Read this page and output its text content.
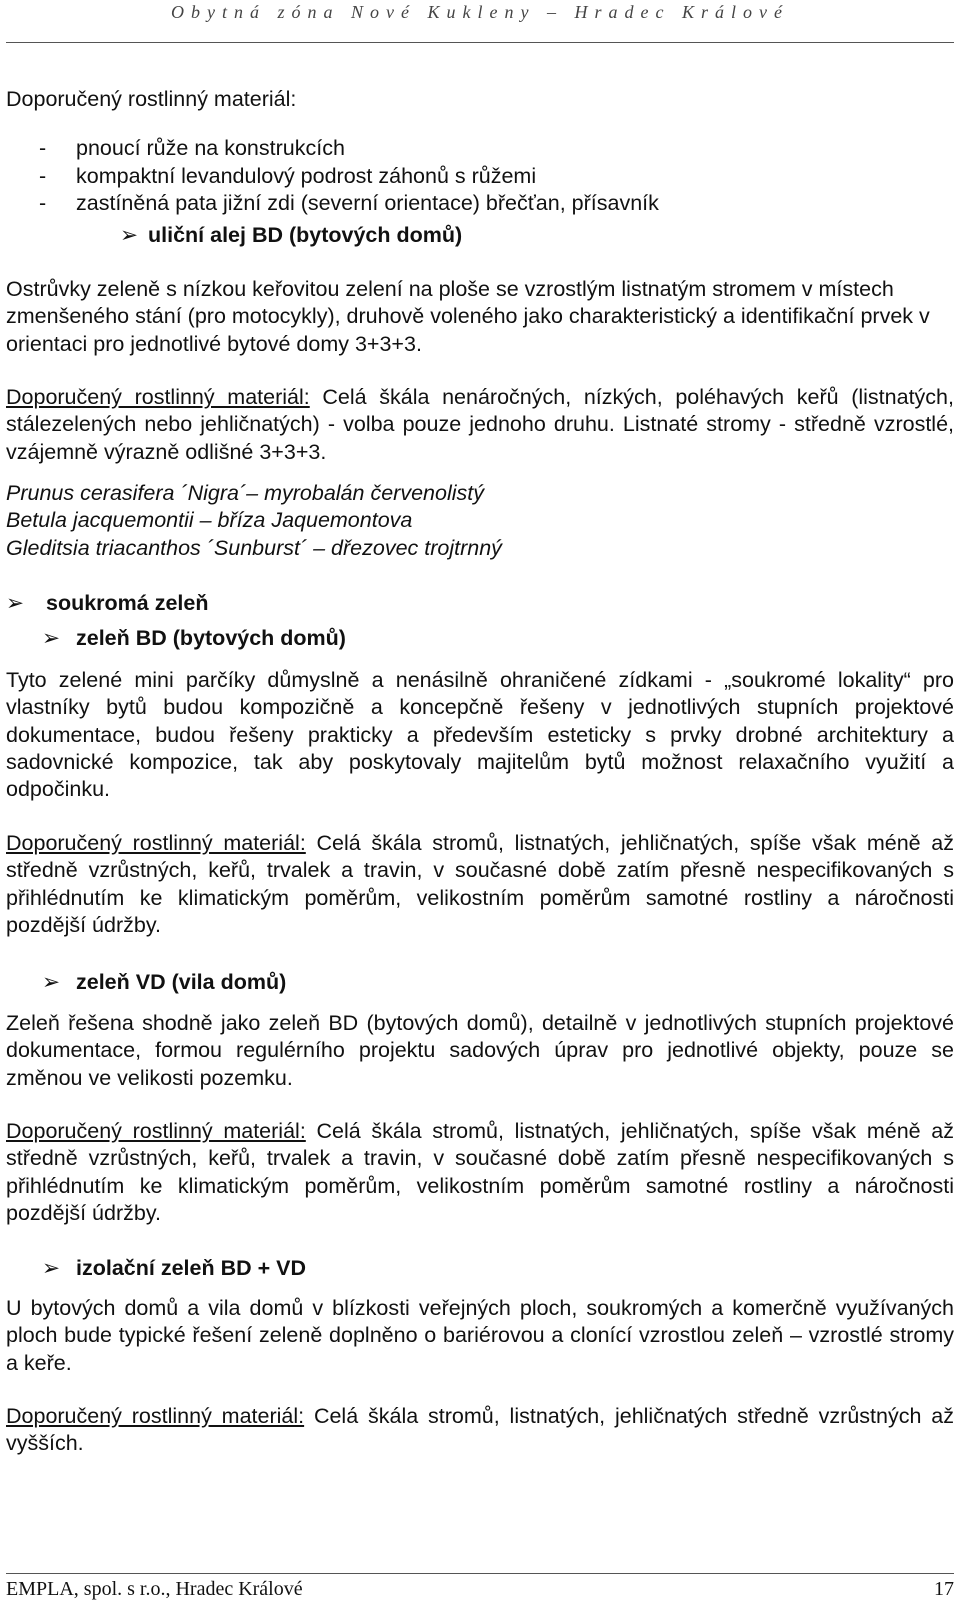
Obytná zóna Nové Kukleny – Hradec Králové
Doporučený rostlinný materiál:
- pnoucí růže na konstrukcích
- kompaktní levandulový podrost záhonů s růžemi
- zastíněná pata jižní zdi (severní orientace) břečťan, přísavník
➢ uliční alej BD (bytových domů)
Ostrůvky zeleně s nízkou keřovitou zelení na ploše se vzrostlým listnatým stromem v místech zmenšeného stání (pro motocykly), druhově voleného jako charakteristický a identifikační prvek v orientaci pro jednotlivé bytové domy 3+3+3.
Doporučený rostlinný materiál: Celá škála nenáročných, nízkých, poléhavých keřů (listnatých, stálezelených nebo jehličnatých) - volba pouze jednoho druhu. Listnaté stromy - středně vzrostlé, vzájemně výrazně odlišné 3+3+3.
Prunus cerasifera ´Nigra´– myrobalán červenolistý
Betula jacquemontii – bříza Jaquemontova
Gleditsia triacanthos ´Sunburst´ – dřezovec trojtrnný
➢ soukromá zeleň
➢ zeleň BD (bytových domů)
Tyto zelené mini parčíky důmyslně a nenásilně ohraničené zídkami - „soukromé lokality“ pro vlastníky bytů budou kompozičně a koncepčně řešeny v jednotlivých stupních projektové dokumentace, budou řešeny prakticky a především esteticky s prvky drobné architektury a sadovnické kompozice, tak aby poskytovaly majitelům bytů možnost relaxačního využití a odpočinku.
Doporučený rostlinný materiál: Celá škála stromů, listnatých, jehličnatých, spíše však méně až středně vzrůstných, keřů, trvalek a travin, v současné době zatím přesně nespecifikovaných s přihlédnutím ke klimatickým poměrům, velikostním poměrům samotné rostliny a náročnosti pozdější údržby.
➢ zeleň VD (vila domů)
Zeleň řešena shodně jako zeleň BD (bytových domů), detailně v jednotlivých stupních projektové dokumentace, formou regulérního projektu sadových úprav pro jednotlivé objekty, pouze se změnou ve velikosti pozemku.
Doporučený rostlinný materiál: Celá škála stromů, listnatých, jehličnatých, spíše však méně až středně vzrůstných, keřů, trvalek a travin, v současné době zatím přesně nespecifikovaných s přihlédnutím ke klimatickým poměrům, velikostním poměrům samotné rostliny a náročnosti pozdější údržby.
➢ izolační zeleň BD + VD
U bytových domů a vila domů v blízkosti veřejných ploch, soukromých a komerčně využívaných ploch bude typické řešení zeleně doplněno o bariérovou a clonící vzrostlou zeleň – vzrostlé stromy a keře.
Doporučený rostlinný materiál: Celá škála stromů, listnatých, jehličnatých středně vzrůstných až vyšších.
EMPLA, spol. s r.o., Hradec Králové	17
